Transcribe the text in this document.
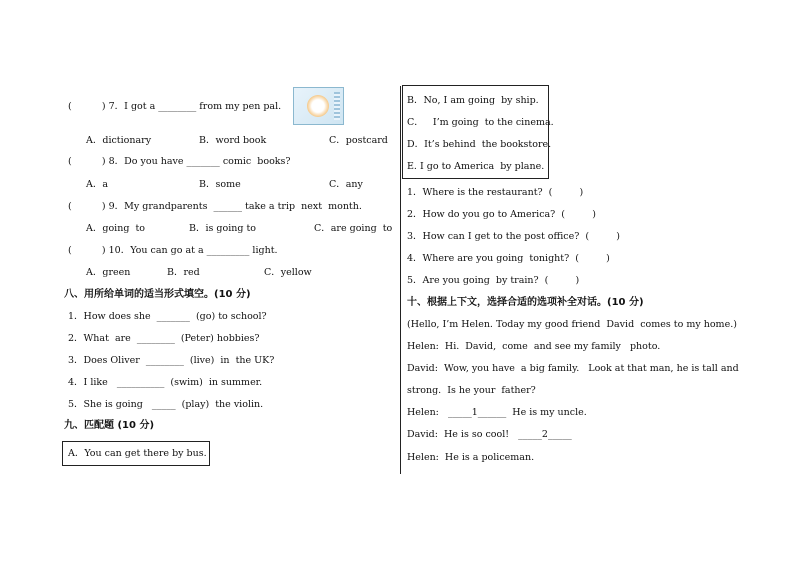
(          ) 7．I got a ________ from my pen pal.
A．dictionary	B．word book	C．postcard
(          ) 8．Do you have _______ comic  books?
A．a	B．some	C．any
(          ) 9．My grandparents  ______ take a trip  next  month.
A．going  to	B．is going to	C．are going  to
(          ) 10．You can go at a _________ light.
A．green	B．red	C．yellow
八、用所给单词的适当形式填空。(10 分)
1．How does she  _______  (go) to school?
2．What  are  ________  (Peter) hobbies?
3．Does Oliver  ________  (live)  in  the UK?
4．I like   __________  (swim)  in summer.
5．She is going   _____  (play)  the violin.
九、匹配题 (10 分)
A．You can get there by bus.
B．No, I am going  by ship.
C．   I’m going  to the cinema.
D．It’s behind  the bookstore.
E. I go to America  by plane.
1．Where is the restaurant?  (         )
2．How do you go to America?  (         )
3．How can I get to the post office?  (         )
4．Where are you going  tonight?  (         )
5．Are you going  by train?  (         )
十、根据上下文，选择合适的选项补全对话。(10 分)
(Hello, I’m Helen. Today my good friend  David  comes to my home.)
Helen:  Hi.  David,  come  and see my family   photo.
David:  Wow, you have  a big family.   Look at that man, he is tall and
strong.  Is he your  father?
Helen:   _____1______  He is my uncle.
David:  He is so cool!   _____2_____
Helen:  He is a policeman.
